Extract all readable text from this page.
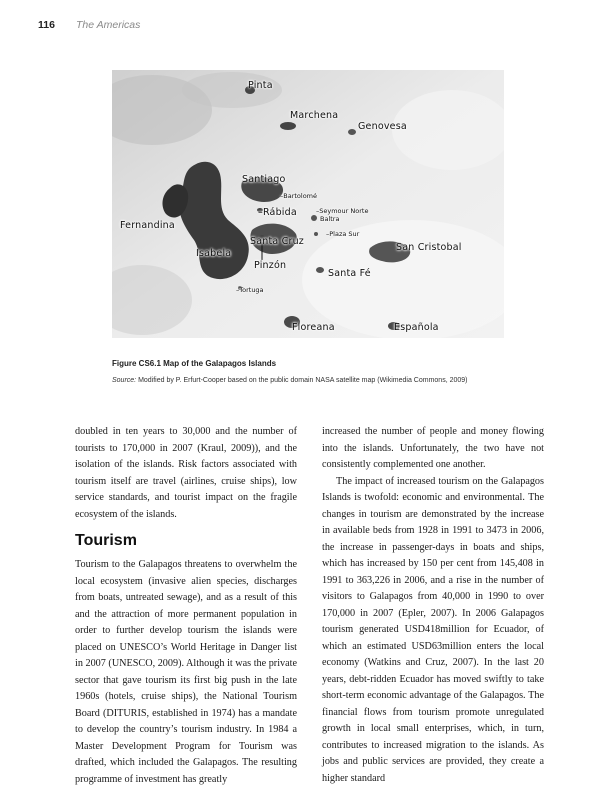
116 The Americas
Pinta
Marchena
Genovesa
Santiago
–Bartolomé
–Rábida	–Seymour Norte
Baltra
Fernandina
–Plaza Sur
Santa Cruz
San Cristobal
Isabela
Pinzón
Santa Fé
–Tortuga
Floreana	Española
Figure CS6.1 Map of the Galapagos Islands
Source: Modified by P. Erfurt-Cooper based on the public domain NASA satellite map (Wikimedia Commons, 2009)

doubled in ten years to 30,000 and the number of tourists to 170,000 in 2007 (Kraul, 2009)), and the isolation of the islands. Risk factors associated with tourism itself are travel (airlines, cruise ships), low service standards, and tourist impact on the fragile ecosystem of the islands.

Tourism

Tourism to the Galapagos threatens to overwhelm the local ecosystem (invasive alien species, discharges from boats, untreated sewage), and as a result of this and the attraction of more permanent population in order to further develop tourism the islands were placed on UNESCO’s World Heritage in Danger list in 2007 (UNESCO, 2009). Although it was the private sector that gave tourism its first big push in the late 1960s (hotels, cruise ships), the National Tourism Board (DITURIS, established in 1974) has a mandate to develop the country’s tourism industry. In 1984 a Master Development Program for Tourism was drafted, which included the Galapagos. The resulting programme of investment has greatly

increased the number of people and money flowing into the islands. Unfortunately, the two have not consistently complemented one another.

The impact of increased tourism on the Galapagos Islands is twofold: economic and environmental. The changes in tourism are demonstrated by the increase in available beds from 1928 in 1991 to 3473 in 2006, the increase in passenger-days in boats and ships, which has increased by 150 per cent from 145,408 in 1991 to 363,226 in 2006, and a rise in the number of visitors to Galapagos from 40,000 in 1990 to over 170,000 in 2007 (Epler, 2007). In 2006 Galapagos tourism generated USD418million for Ecuador, of which an estimated USD63million enters the local economy (Watkins and Cruz, 2007). In the last 20 years, debt-ridden Ecuador has moved swiftly to take short-term economic advantage of the Galapagos. The financial flows from tourism promote unregulated growth in local small enterprises, which, in turn, contributes to increased migration to the islands. As jobs and public services are provided, they create a higher standard
